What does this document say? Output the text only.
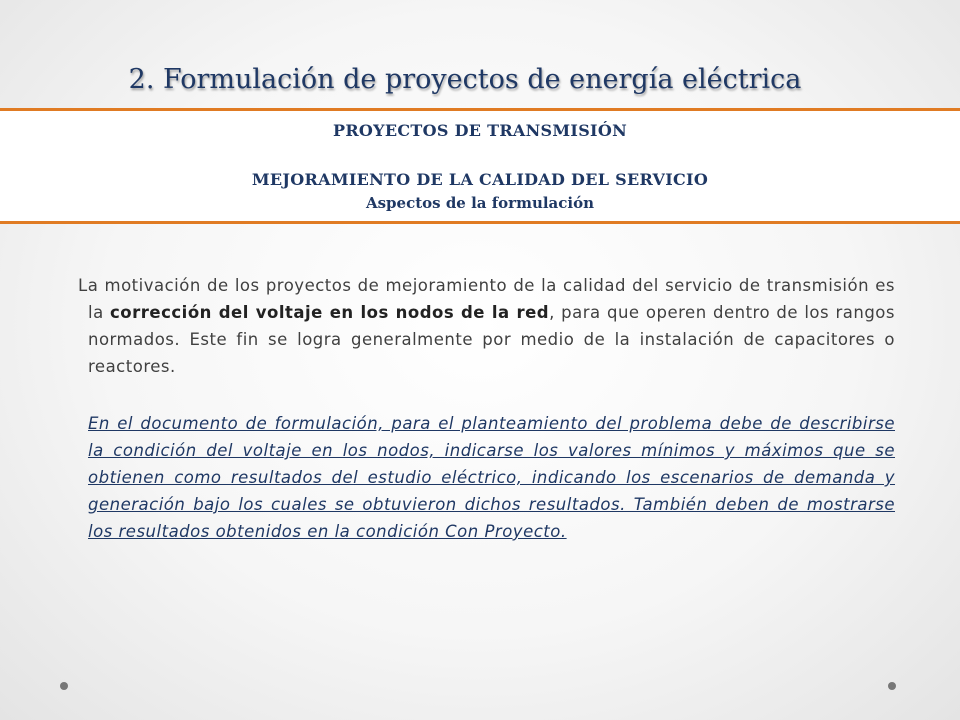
2. Formulación de proyectos de energía eléctrica
PROYECTOS DE TRANSMISIÓN
MEJORAMIENTO DE LA CALIDAD DEL SERVICIO
Aspectos de la formulación
La motivación de los proyectos de mejoramiento de la calidad del servicio de transmisión es la corrección del voltaje en los nodos de la red, para que operen dentro de los rangos normados. Este fin se logra generalmente por medio de la instalación de capacitores o reactores.
En el documento de formulación, para el planteamiento del problema debe de describirse la condición del voltaje en los nodos, indicarse los valores mínimos y máximos que se obtienen como resultados del estudio eléctrico, indicando los escenarios de demanda y generación bajo los cuales se obtuvieron dichos resultados. También deben de mostrarse los resultados obtenidos en la condición Con Proyecto.
